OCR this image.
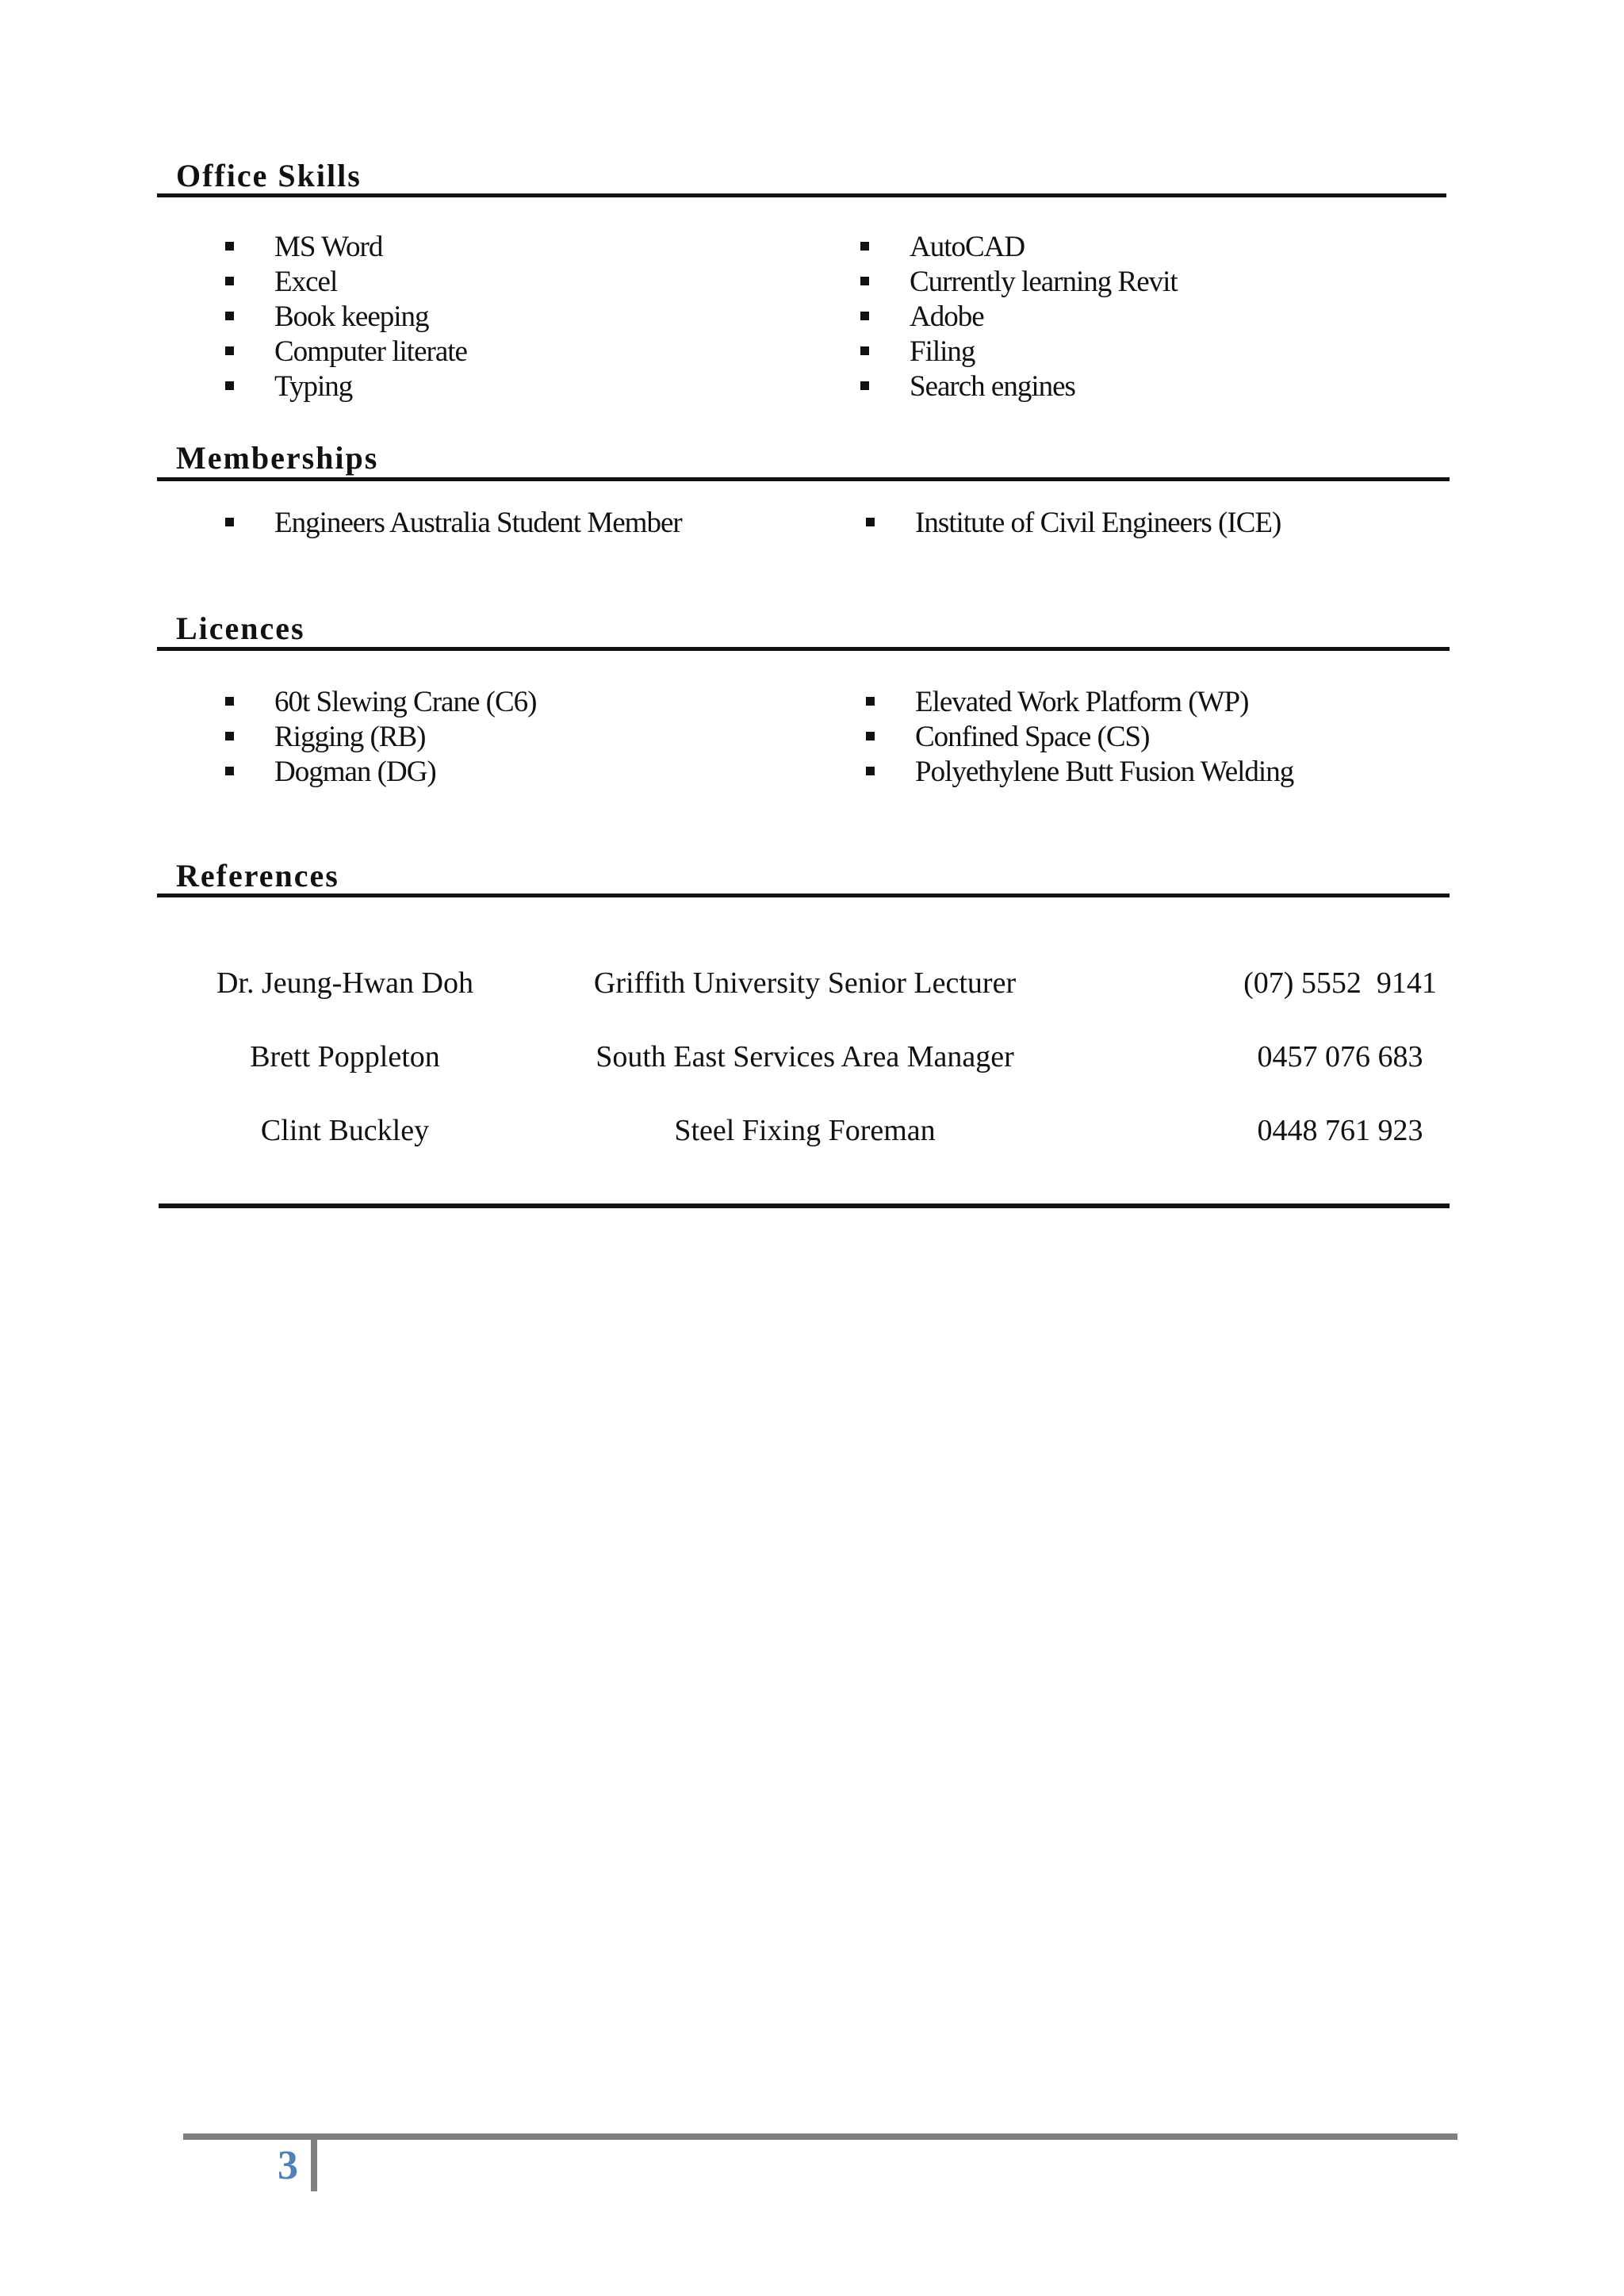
Office Skills
MS Word
Excel
Book keeping
Computer literate
Typing
AutoCAD
Currently learning Revit
Adobe
Filing
Search engines
Memberships
Engineers Australia Student Member	Institute of Civil Engineers (ICE)
Licences
60t Slewing Crane (C6)
Rigging (RB)
Dogman (DG)
Elevated Work Platform (WP)
Confined Space (CS)
Polyethylene Butt Fusion Welding
References
Dr. Jeung-Hwan Doh	Griffith University Senior Lecturer	(07) 5552  9141
Brett Poppleton	South East Services Area Manager	0457 076 683
Clint Buckley	Steel Fixing Foreman	0448 761 923
3
